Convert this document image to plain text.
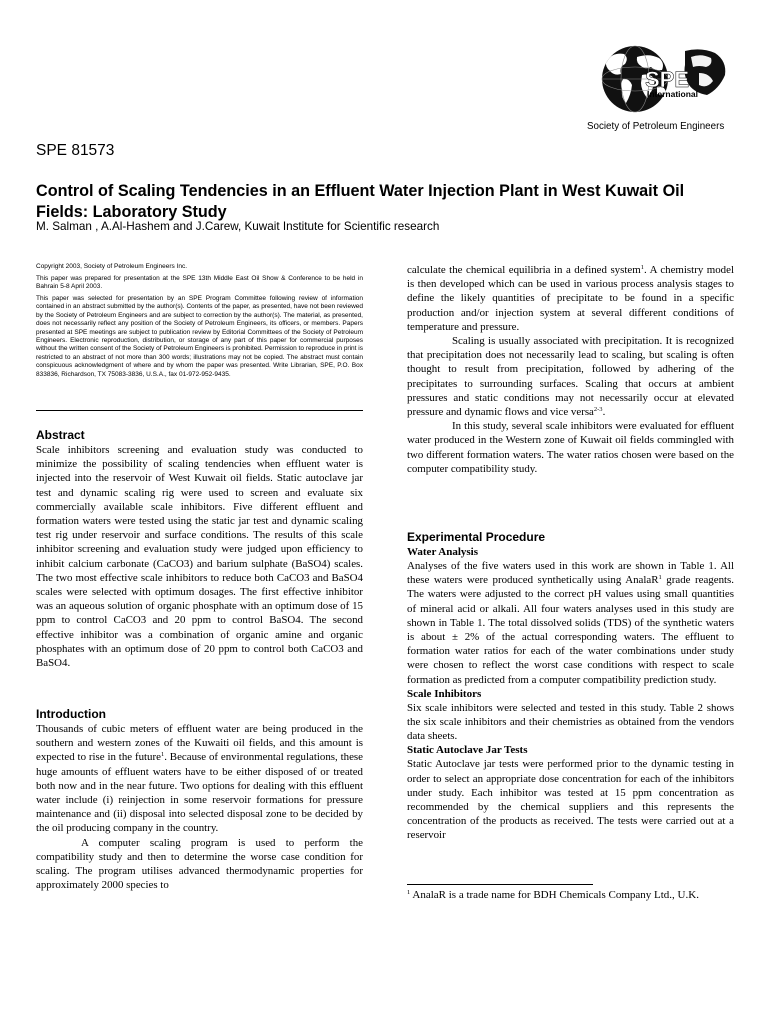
SPE
International
Society of Petroleum Engineers
SPE 81573
Control of Scaling Tendencies in an Effluent Water Injection Plant in West Kuwait Oil Fields: Laboratory Study
M. Salman , A.Al-Hashem and J.Carew, Kuwait Institute for Scientific research

Copyright 2003, Society of Petroleum Engineers Inc.

This paper was prepared for presentation at the SPE 13th Middle East Oil Show & Conference to be held in Bahrain 5-8 April 2003.

This paper was selected for presentation by an SPE Program Committee following review of information contained in an abstract submitted by the author(s). Contents of the paper, as presented, have not been reviewed by the Society of Petroleum Engineers and are subject to correction by the author(s). The material, as presented, does not necessarily reflect any position of the Society of Petroleum Engineers, its officers, or members. Papers presented at SPE meetings are subject to publication review by Editorial Committees of the Society of Petroleum Engineers. Electronic reproduction, distribution, or storage of any part of this paper for commercial purposes without the written consent of the Society of Petroleum Engineers is prohibited. Permission to reproduce in print is restricted to an abstract of not more than 300 words; illustrations may not be copied. The abstract must contain conspicuous acknowledgment of where and by whom the paper was presented. Write Librarian, SPE, P.O. Box 833836, Richardson, TX 75083-3836, U.S.A., fax 01-972-952-9435.

Abstract

Scale inhibitors screening and evaluation study was conducted to minimize the possibility of scaling tendencies when effluent water is injected into the reservoir of West Kuwait oil fields. Static autoclave jar test and dynamic scaling rig were used to screen and evaluate six commercially available scale inhibitors. Five different effluent and formation waters were tested using the static jar test and dynamic scaling test rig under reservoir and surface conditions. The results of this scale inhibitor screening and evaluation study were judged upon efficiency to inhibit calcium carbonate (CaCO3) and barium sulphate (BaSO4) scales. The two most effective scale inhibitors to reduce both CaCO3 and BaSO4 scales were selected with optimum dosages. The first effective inhibitor was an aqueous solution of organic phosphate with an optimum dose of 15 ppm to control CaCO3 and 20 ppm to control BaSO4. The second effective inhibitor was a combination of organic amine and organic phosphates with an optimum dose of 20 ppm to control both CaCO3 and BaSO4.

Introduction

Thousands of cubic meters of effluent water are being produced in the southern and western zones of the Kuwaiti oil fields, and this amount is expected to rise in the future$^1$. Because of environmental regulations, these huge amounts of effluent waters have to be either disposed of or treated both now and in the near future. Two options for dealing with this effluent water include (i) reinjection in some reservoir formations for pressure maintenance and (ii) disposal into selected disposal zone to be decided by the oil producing company in the country.

A computer scaling program is used to perform the compatibility study and then to determine the worse case condition for scaling. The program utilises advanced thermodynamic properties for approximately 2000 species to

calculate the chemical equilibria in a defined system$^1$. A chemistry model is then developed which can be used in various process analysis stages to define the likely quantities of precipitate to be found in a specific production and/or injection system at several different conditions of temperature and pressure.

Scaling is usually associated with precipitation. It is recognized that precipitation does not necessarily lead to scaling, but scaling is often thought to result from precipitation, followed by adhering of the precipitates to surrounding surfaces. Scaling that occurs at ambient pressures and static conditions may not necessarily occur at elevated pressure and dynamic flows and vice versa$^{2-3}$.

In this study, several scale inhibitors were evaluated for effluent water produced in the Western zone of Kuwait oil fields commingled with two different formation waters. The water ratios chosen were based on the computer compatibility study.

Experimental Procedure
Water Analysis

Analyses of the five waters used in this work are shown in Table 1. All these waters were produced synthetically using AnalaR$^1$ grade reagents. The waters were adjusted to the correct pH values using small quantities of mineral acid or alkali. All four waters analyses used in this study are shown in Table 1. The total dissolved solids (TDS) of the synthetic waters is about ± 2% of the actual corresponding waters. The effluent to formation water ratios for each of the water combinations under study were chosen to reflect the worst case conditions with respect to scale formation as predicted from a computer compatibility prediction study.

Scale Inhibitors

Six scale inhibitors were selected and tested in this study. Table 2 shows the six scale inhibitors and their chemistries as obtained from the vendors data sheets.

Static Autoclave Jar Tests

Static Autoclave jar tests were performed prior to the dynamic testing in order to select an appropriate dose concentration for each of the inhibitors under study. Each inhibitor was tested at 15 ppm concentration as recommended by the chemical suppliers and this represents the concentration of the products as received. The tests were carried out at a reservoir

$^1$ AnalaR is a trade name for BDH Chemicals Company Ltd., U.K.
